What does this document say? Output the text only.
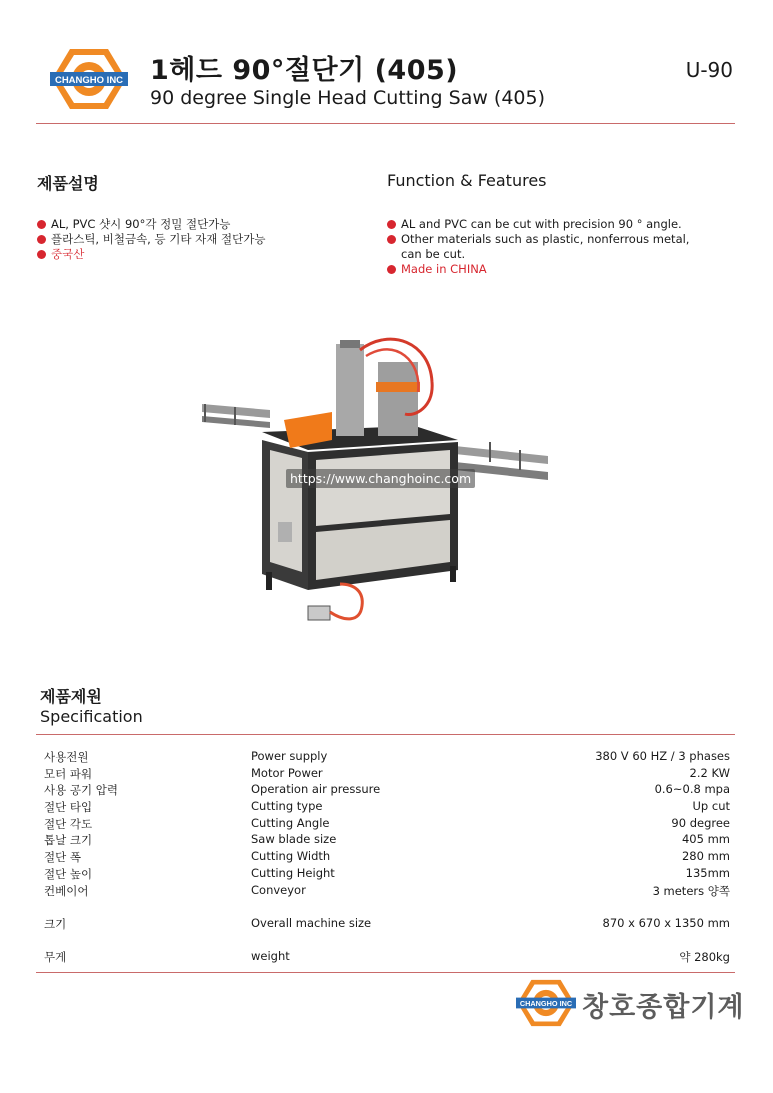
CHANGHO INC 1헤드 90°절단기 (405)
90 degree Single Head Cutting Saw (405)
U-90
제품설명	Function & Features
AL, PVC 샷시 90°각 정밀 절단가능
플라스틱, 비철금속, 등 기타 자재 절단가능
중국산
AL and PVC can be cut with precision 90 ° angle.
Other materials such as plastic, nonferrous metal, can be cut.
Made in CHINA
https://www.changhoinc.com
제품제원
Specification
사용전원	Power supply	380 V 60 HZ / 3 phases
모터 파워	Motor Power	2.2 KW
사용 공기 압력	Operation air pressure	0.6~0.8 mpa
절단 타입	Cutting type	Up cut
절단 각도	Cutting Angle	90 degree
톱날 크기	Saw blade size	405 mm
절단 폭	Cutting Width	280 mm
절단 높이	Cutting Height	135mm
컨베이어	Conveyor	3 meters 양쪽
크기	Overall machine size	870 x 670 x 1350 mm
무게	weight	약 280kg
CHANGHO INC 창호종합기계
